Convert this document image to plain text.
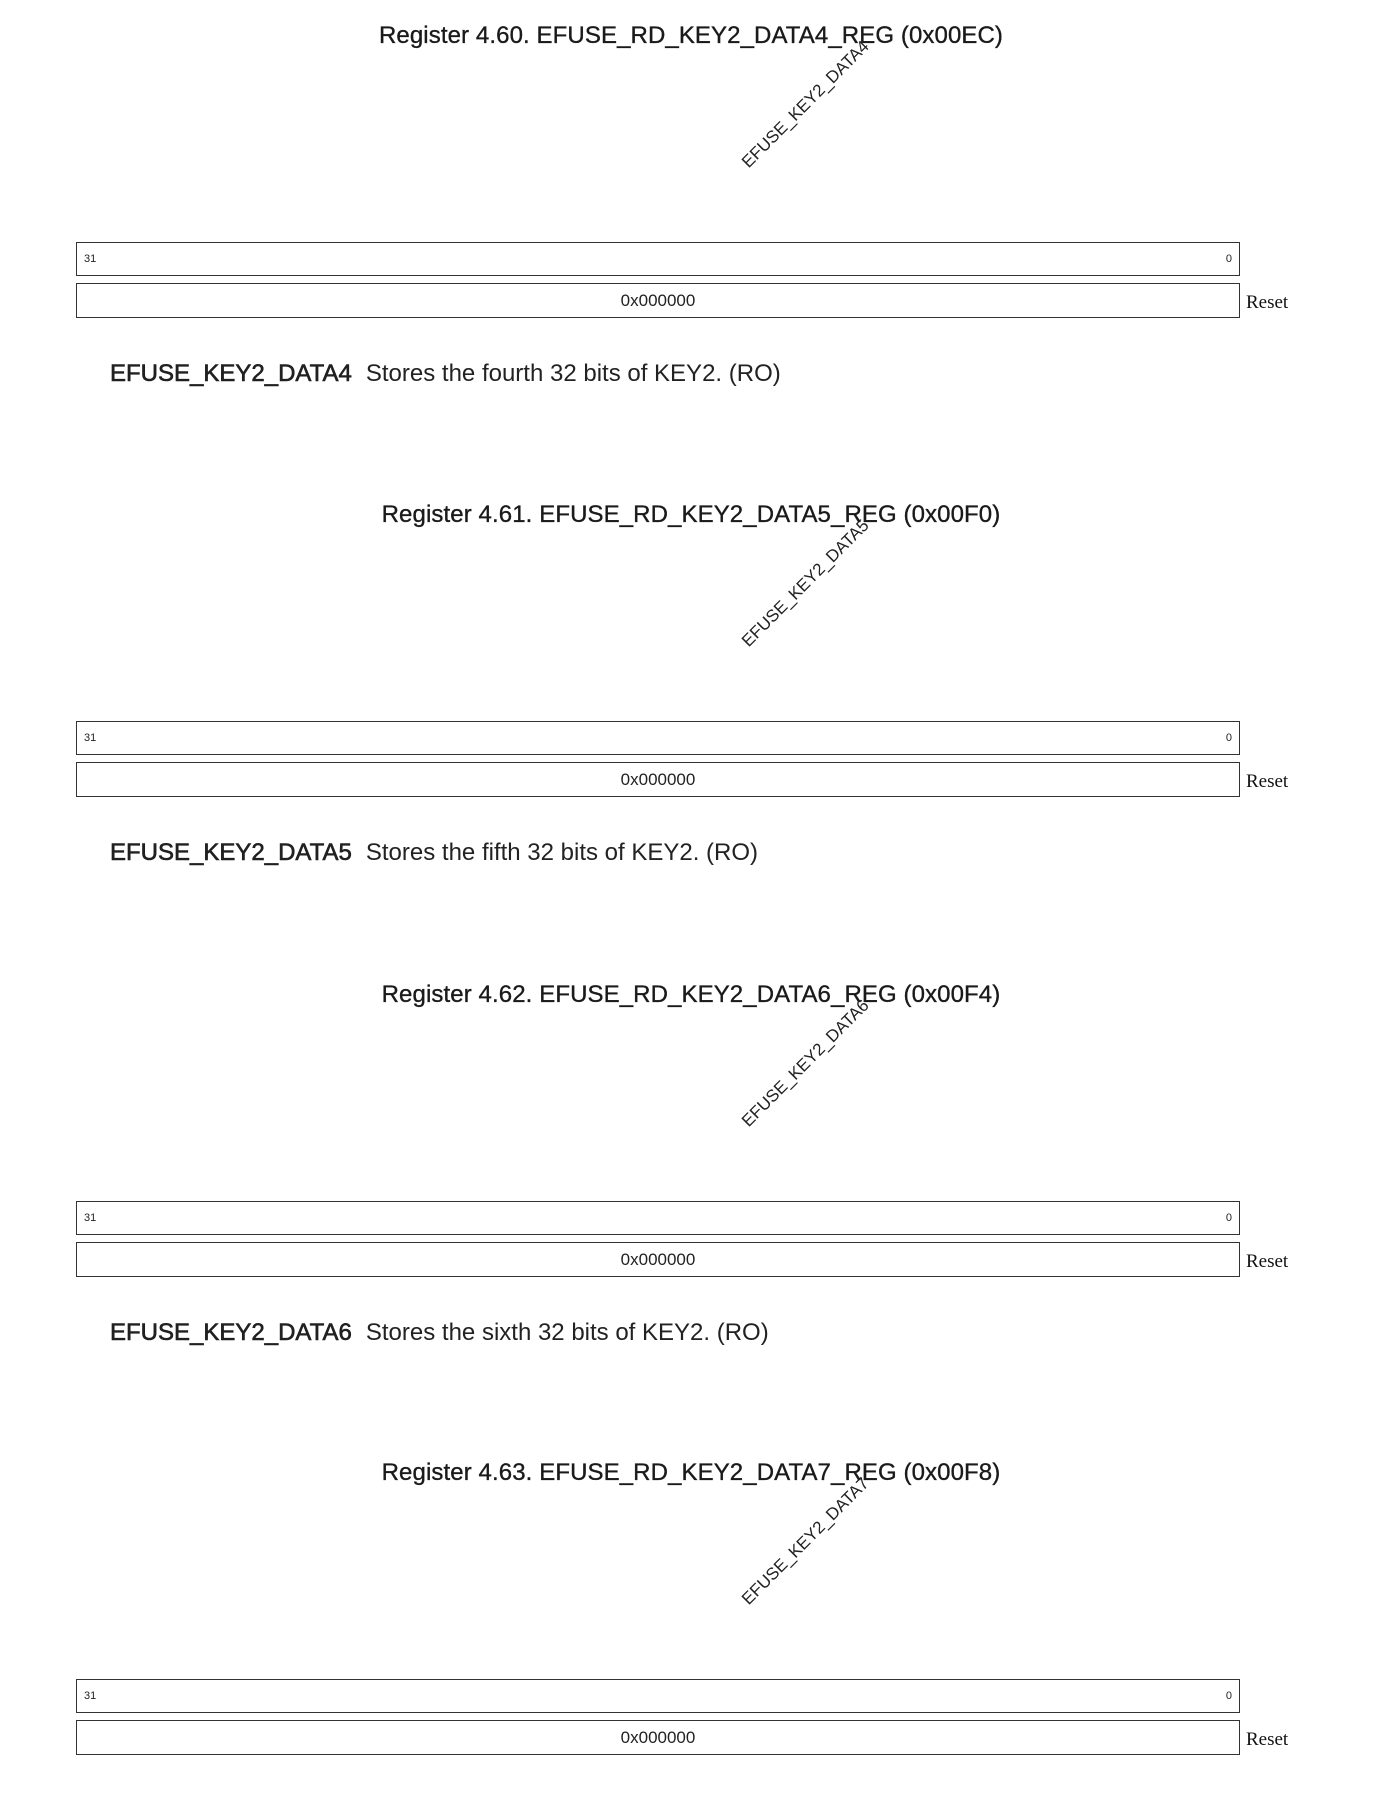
Register 4.60. EFUSE_RD_KEY2_DATA4_REG (0x00EC)
EFUSE_KEY2_DATA4
31	0
0x000000	Reset

EFUSE_KEY2_DATA4 Stores the fourth 32 bits of KEY2. (RO)

Register 4.61. EFUSE_RD_KEY2_DATA5_REG (0x00F0)
EFUSE_KEY2_DATA5
31	0
0x000000	Reset

EFUSE_KEY2_DATA5 Stores the fifth 32 bits of KEY2. (RO)

Register 4.62. EFUSE_RD_KEY2_DATA6_REG (0x00F4)
EFUSE_KEY2_DATA6
31	0
0x000000	Reset

EFUSE_KEY2_DATA6 Stores the sixth 32 bits of KEY2. (RO)

Register 4.63. EFUSE_RD_KEY2_DATA7_REG (0x00F8)
EFUSE_KEY2_DATA7
31	0
0x000000	Reset
